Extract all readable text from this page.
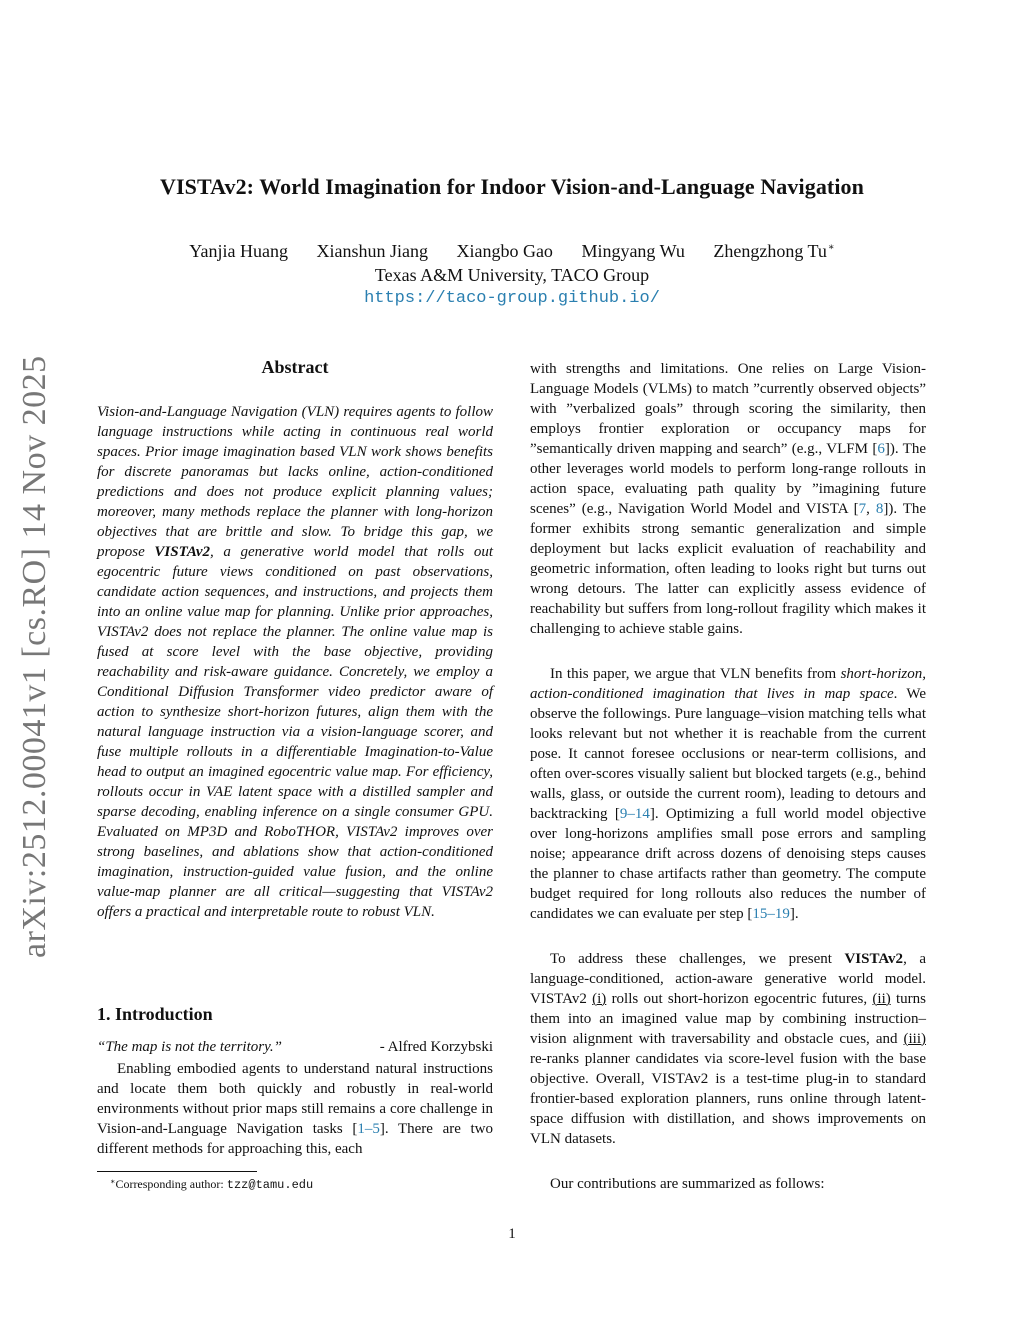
VISTAv2: World Imagination for Indoor Vision-and-Language Navigation
Yanjia Huang Xianshun Jiang Xiangbo Gao Mingyang Wu Zhengzhong Tu∗
Texas A&M University, TACO Group
https://taco-group.github.io/
arXiv:2512.00041v1 [cs.RO] 14 Nov 2025	Abstract
Vision-and-Language Navigation (VLN) requires agents to follow language instructions while acting in continuous real world spaces. Prior image imagination based VLN work shows benefits for discrete panoramas but lacks online, action-conditioned predictions and does not produce explicit planning values; moreover, many methods replace the planner with long-horizon objectives that are brittle and slow. To bridge this gap, we propose VISTAv2, a generative world model that rolls out egocentric future views conditioned on past observations, candidate action sequences, and instructions, and projects them into an online value map for planning. Unlike prior approaches, VISTAv2 does not replace the planner. The online value map is fused at score level with the base objective, providing reachability and risk-aware guidance. Concretely, we employ a Conditional Diffusion Transformer video predictor aware of action to synthesize short-horizon futures, align them with the natural language instruction via a vision-language scorer, and fuse multiple rollouts in a differentiable Imagination-to-Value head to output an imagined egocentric value map. For efficiency, rollouts occur in VAE latent space with a distilled sampler and sparse decoding, enabling inference on a single consumer GPU. Evaluated on MP3D and RoboTHOR, VISTAv2 improves over strong baselines, and ablations show that action-conditioned imagination, instruction-guided value fusion, and the online value-map planner are all critical—suggesting that VISTAv2 offers a practical and interpretable route to robust VLN.
1. Introduction
“The map is not the territory.”	- Alfred Korzybski
Enabling embodied agents to understand natural instructions and locate them both quickly and robustly in real-world environments without prior maps still remains a core challenge in Vision-and-Language Navigation tasks [1–5]. There are two different methods for approaching this, each
∗Corresponding author: tzz@tamu.edu
with strengths and limitations. One relies on Large Vision-Language Models (VLMs) to match ”currently observed objects” with ”verbalized goals” through scoring the similarity, then employs frontier exploration or occupancy maps for ”semantically driven mapping and search” (e.g., VLFM [6]). The other leverages world models to perform long-range rollouts in action space, evaluating path quality by ”imagining future scenes” (e.g., Navigation World Model and VISTA [7, 8]). The former exhibits strong semantic generalization and simple deployment but lacks explicit evaluation of reachability and geometric information, often leading to looks right but turns out wrong detours. The latter can explicitly assess evidence of reachability but suffers from long-rollout fragility which makes it challenging to achieve stable gains.
In this paper, we argue that VLN benefits from short-horizon, action-conditioned imagination that lives in map space. We observe the followings. Pure language–vision matching tells what looks relevant but not whether it is reachable from the current pose. It cannot foresee occlusions or near-term collisions, and often over-scores visually salient but blocked targets (e.g., behind walls, glass, or outside the current room), leading to detours and backtracking [9–14]. Optimizing a full world model objective over long-horizons amplifies small pose errors and sampling noise; appearance drift across dozens of denoising steps causes the planner to chase artifacts rather than geometry. The compute budget required for long rollouts also reduces the number of candidates we can evaluate per step [15–19].
To address these challenges, we present VISTAv2, a language-conditioned, action-aware generative world model. VISTAv2 (i) rolls out short-horizon egocentric futures, (ii) turns them into an imagined value map by combining instruction–vision alignment with traversability and obstacle cues, and (iii) re-ranks planner candidates via score-level fusion with the base objective. Overall, VISTAv2 is a test-time plug-in to standard frontier-based exploration planners, runs online through latent-space diffusion with distillation, and shows improvements on VLN datasets.
Our contributions are summarized as follows:
1
